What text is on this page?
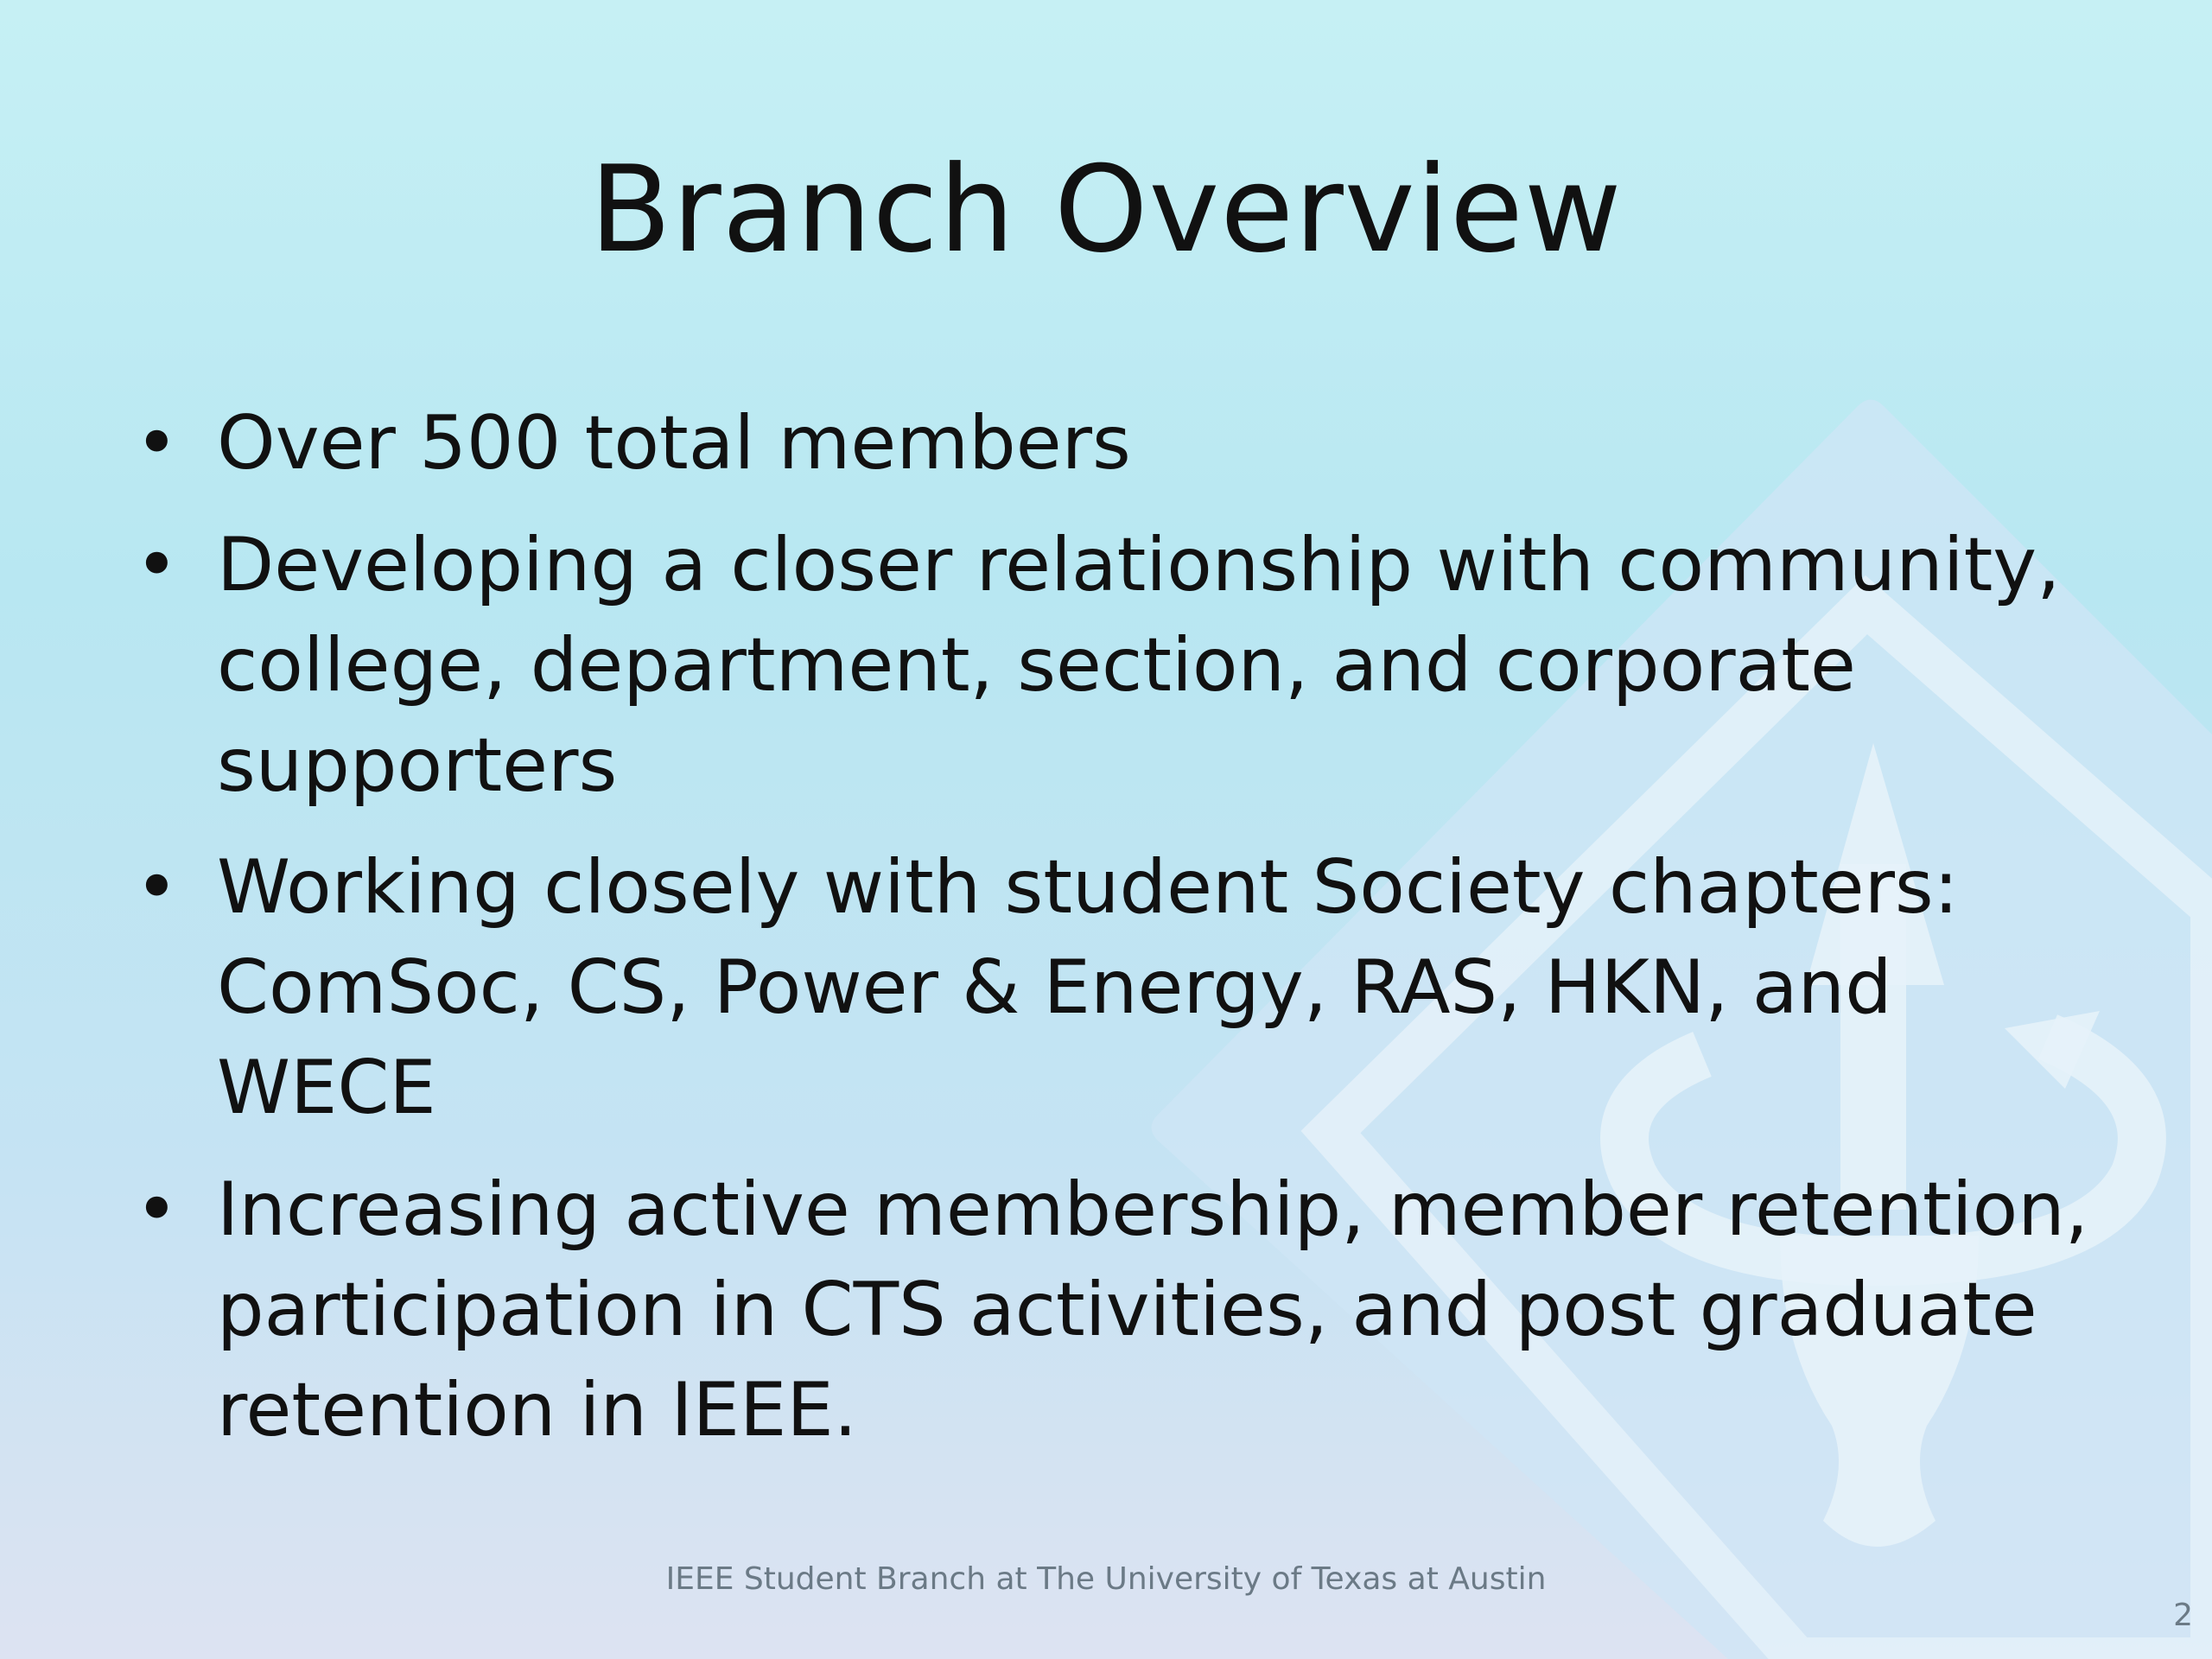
Branch Overview
• Over 500 total members
• Developing a closer relationship with community, college, department, section, and corporate supporters
• Working closely with student Society chapters: ComSoc, CS, Power & Energy, RAS, HKN, and WECE
• Increasing active membership, member retention, participation in CTS activities, and post graduate retention in IEEE.
IEEE Student Branch at The University of Texas at Austin
2
